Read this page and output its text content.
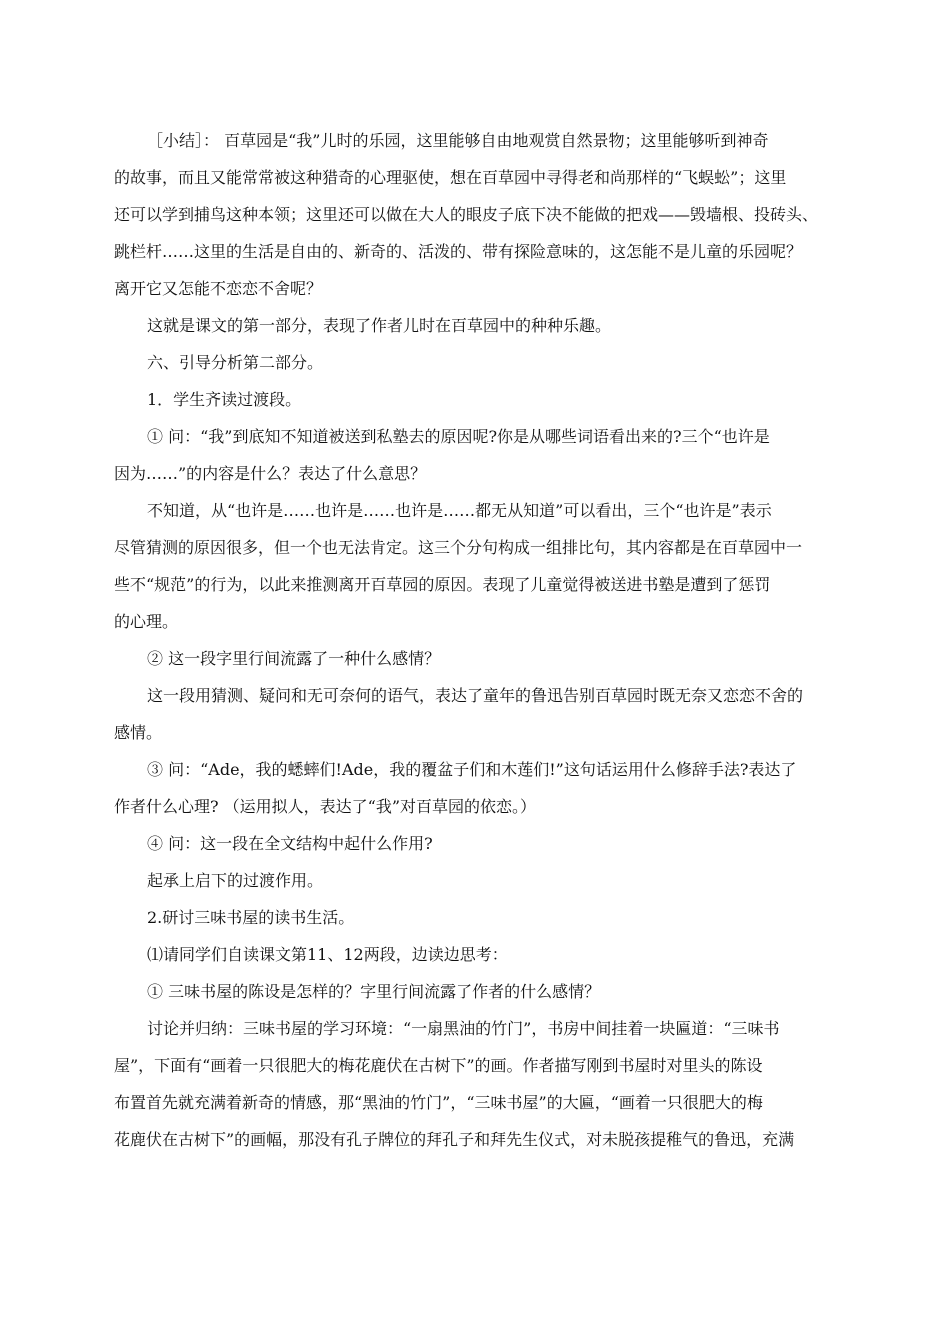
［小结］： 百草园是“我”儿时的乐园，这里能够自由地观赏自然景物；这里能够听到神奇
的故事，而且又能常常被这种猎奇的心理驱使，想在百草园中寻得老和尚那样的“飞蜈蚣”；这里
还可以学到捕鸟这种本领；这里还可以做在大人的眼皮子底下决不能做的把戏——毁墙根、投砖头、
跳栏杆……这里的生活是自由的、新奇的、活泼的、带有探险意味的，这怎能不是儿童的乐园呢？
离开它又怎能不恋恋不舍呢？
这就是课文的第一部分，表现了作者儿时在百草园中的种种乐趣。
六、引导分析第二部分。
1．学生齐读过渡段。
① 问：“我”到底知不知道被送到私塾去的原因呢?你是从哪些词语看出来的?三个“也许是
因为……”的内容是什么？表达了什么意思？
不知道，从“也许是……也许是……也许是……都无从知道”可以看出，三个“也许是”表示
尽管猜测的原因很多，但一个也无法肯定。这三个分句构成一组排比句，其内容都是在百草园中一
些不“规范”的行为，以此来推测离开百草园的原因。表现了儿童觉得被送进书塾是遭到了惩罚
的心理。
② 这一段字里行间流露了一种什么感情？
这一段用猜测、疑问和无可奈何的语气，表达了童年的鲁迅告别百草园时既无奈又恋恋不舍的
感情。
③ 问：“Ade，我的蟋蟀们!Ade，我的覆盆子们和木莲们!”这句话运用什么修辞手法?表达了
作者什么心理? （运用拟人，表达了“我”对百草园的依恋。）
④ 问：这一段在全文结构中起什么作用?
起承上启下的过渡作用。
2.研讨三味书屋的读书生活。
⑴请同学们自读课文第11、12两段，边读边思考：
① 三味书屋的陈设是怎样的？字里行间流露了作者的什么感情？
讨论并归纳：三味书屋的学习环境：“一扇黑油的竹门”，书房中间挂着一块匾道：“三味书
屋”，下面有“画着一只很肥大的梅花鹿伏在古树下”的画。作者描写刚到书屋时对里头的陈设
布置首先就充满着新奇的情感，那“黑油的竹门”，“三味书屋”的大匾，“画着一只很肥大的梅
花鹿伏在古树下”的画幅，那没有孔子牌位的拜孔子和拜先生仪式，对未脱孩提稚气的鲁迅，充满
